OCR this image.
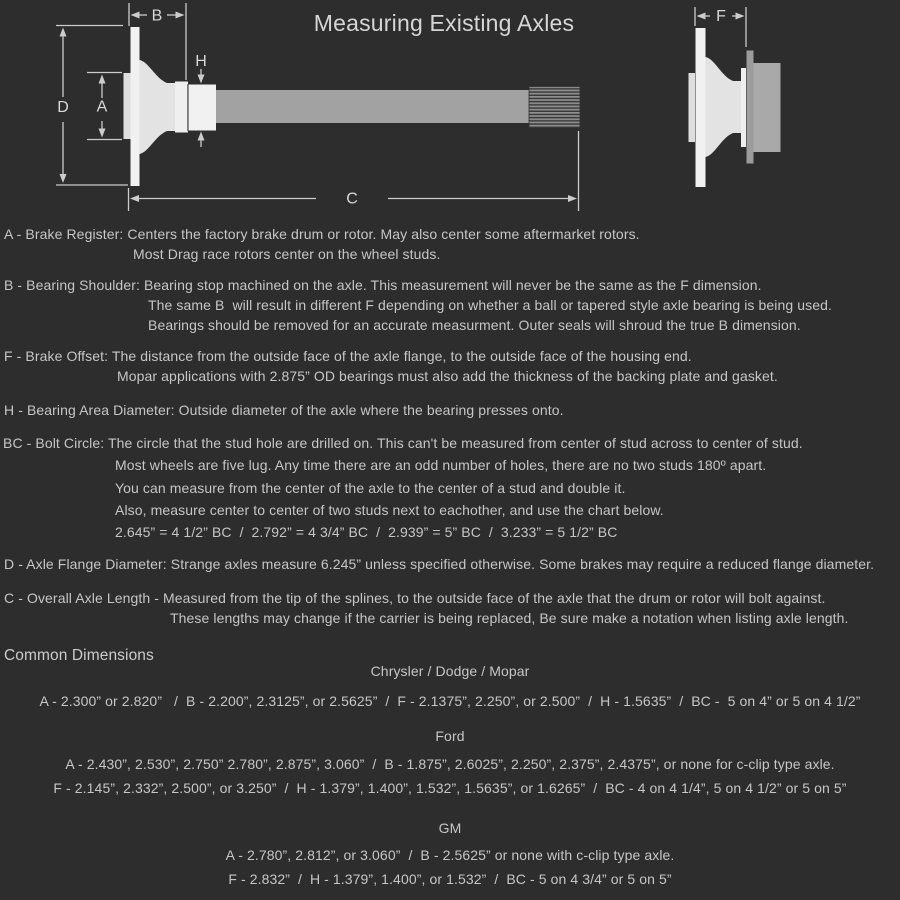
B
D A
H
C
F
Measuring Existing Axles
A - Brake Register: Centers the factory brake drum or rotor. May also center some aftermarket rotors.
Most Drag race rotors center on the wheel studs.
B - Bearing Shoulder: Bearing stop machined on the axle. This measurement will never be the same as the F dimension.
The same B  will result in different F depending on whether a ball or tapered style axle bearing is being used.
Bearings should be removed for an accurate measurment. Outer seals will shroud the true B dimension.
F - Brake Offset: The distance from the outside face of the axle flange, to the outside face of the housing end.
Mopar applications with 2.875” OD bearings must also add the thickness of the backing plate and gasket.
H - Bearing Area Diameter: Outside diameter of the axle where the bearing presses onto.
BC - Bolt Circle: The circle that the stud hole are drilled on. This can't be measured from center of stud across to center of stud.
Most wheels are five lug. Any time there are an odd number of holes, there are no two studs 180º apart.
You can measure from the center of the axle to the center of a stud and double it.
Also, measure center to center of two studs next to eachother, and use the chart below.
2.645” = 4 1/2” BC  /  2.792” = 4 3/4” BC  /  2.939” = 5” BC  /  3.233” = 5 1/2” BC
D - Axle Flange Diameter: Strange axles measure 6.245” unless specified otherwise. Some brakes may require a reduced flange diameter.
C - Overall Axle Length - Measured from the tip of the splines, to the outside face of the axle that the drum or rotor will bolt against.
These lengths may change if the carrier is being replaced, Be sure make a notation when listing axle length.
Common Dimensions
Chrysler / Dodge / Mopar
A - 2.300” or 2.820”   /  B - 2.200”, 2.3125”, or 2.5625”  /  F - 2.1375”, 2.250”, or 2.500”  /  H - 1.5635”  /  BC -  5 on 4” or 5 on 4 1/2”
Ford
A - 2.430”, 2.530”, 2.750” 2.780”, 2.875”, 3.060”  /  B - 1.875”, 2.6025”, 2.250”, 2.375”, 2.4375”, or none for c-clip type axle.
F - 2.145”, 2.332”, 2.500”, or 3.250”  /  H - 1.379”, 1.400”, 1.532”, 1.5635”, or 1.6265”  /  BC - 4 on 4 1/4”, 5 on 4 1/2” or 5 on 5”
GM
A - 2.780”, 2.812”, or 3.060”  /  B - 2.5625” or none with c-clip type axle.
F - 2.832”  /  H - 1.379”, 1.400”, or 1.532”  /  BC - 5 on 4 3/4” or 5 on 5”
